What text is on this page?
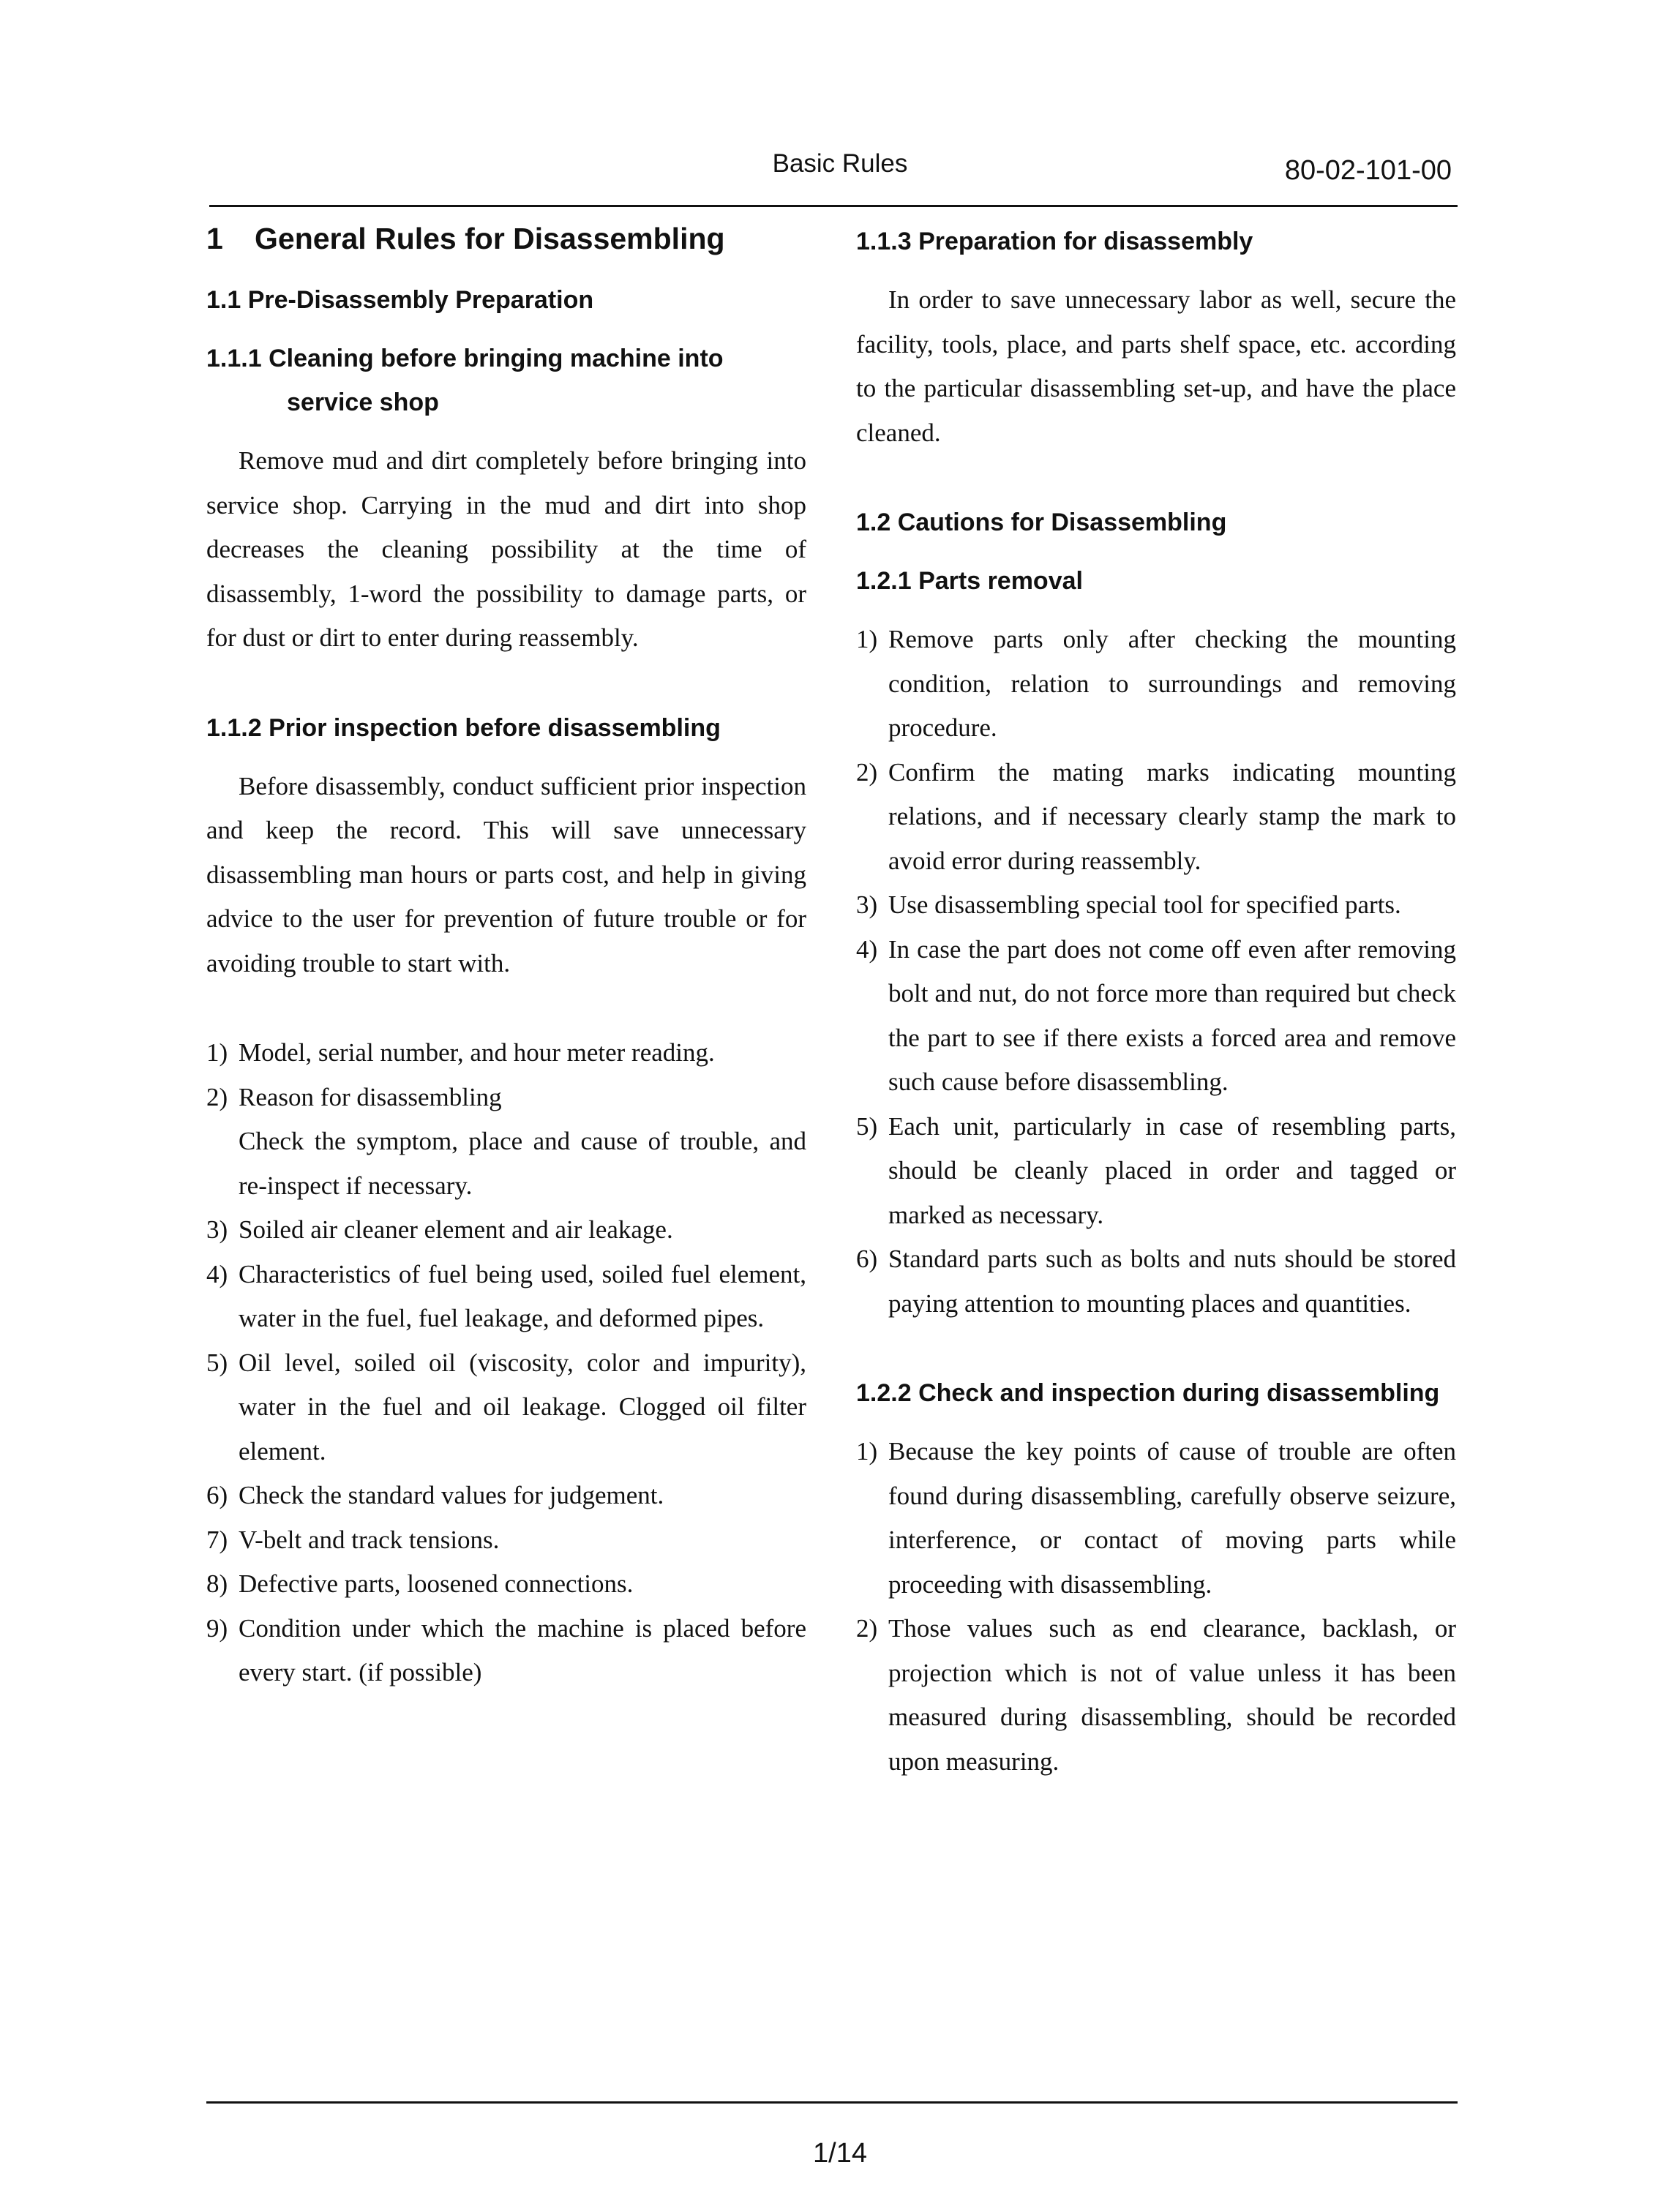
Basic Rules	80-02-101-00
1 General Rules for Disassembling
1.1 Pre-Disassembly Preparation
1.1.1 Cleaning before bringing machine into
service shop

Remove mud and dirt completely before bringing into service shop. Carrying in the mud and dirt into shop decreases the cleaning possibility at the time of disassembly, 1-word the possibility to damage parts, or for dust or dirt to enter during reassembly.

1.1.2 Prior inspection before disassembling

Before disassembly, conduct sufficient prior inspection and keep the record. This will save unnecessary disassembling man hours or parts cost, and help in giving advice to the user for prevention of future trouble or for avoiding trouble to start with.

1) Model, serial number, and hour meter reading.

2) Reason for disassembling
Check the symptom, place and cause of trouble, and re-inspect if necessary.

3) Soiled air cleaner element and air leakage.

4) Characteristics of fuel being used, soiled fuel element, water in the fuel, fuel leakage, and deformed pipes.

5) Oil level, soiled oil (viscosity, color and impurity), water in the fuel and oil leakage. Clogged oil filter element.

6) Check the standard values for judgement.

7) V-belt and track tensions.

8) Defective parts, loosened connections.

9) Condition under which the machine is placed before every start. (if possible)

1.1.3 Preparation for disassembly

In order to save unnecessary labor as well, secure the facility, tools, place, and parts shelf space, etc. according to the particular disassembling set-up, and have the place cleaned.

1.2 Cautions for Disassembling
1.2.1 Parts removal

1) Remove parts only after checking the mounting condition, relation to surroundings and removing procedure.

2) Confirm the mating marks indicating mounting relations, and if necessary clearly stamp the mark to avoid error during reassembly.

3) Use disassembling special tool for specified parts.

4) In case the part does not come off even after removing bolt and nut, do not force more than required but check the part to see if there exists a forced area and remove such cause before disassembling.

5) Each unit, particularly in case of resembling parts, should be cleanly placed in order and tagged or marked as necessary.

6) Standard parts such as bolts and nuts should be stored paying attention to mounting places and quantities.

1.2.2 Check and inspection during disassembling

1) Because the key points of cause of trouble are often found during disassembling, carefully observe seizure, interference, or contact of moving parts while proceeding with disassembling.

2) Those values such as end clearance, backlash, or projection which is not of value unless it has been measured during disassembling, should be recorded upon measuring.

1/14
